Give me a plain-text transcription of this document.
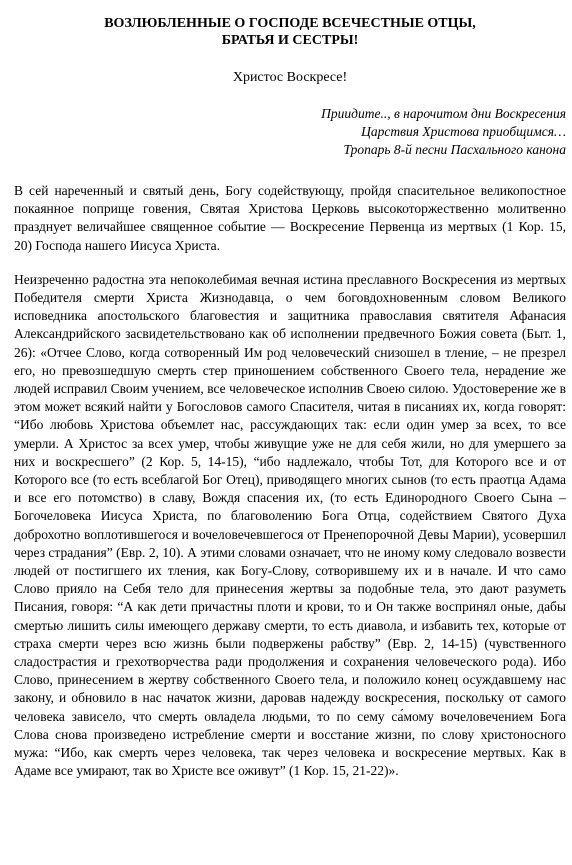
ВОЗЛЮБЛЕННЫЕ О ГОСПОДЕ ВСЕЧЕСТНЫЕ ОТЦЫ,
БРАТЬЯ И СЕСТРЫ!

Христос Воскресе!

Приидите.., в нарочитом дни Воскресения
Царствия Христова приобщимся…
Тропарь 8-й песни Пасхального канона

В сей нареченный и святый день, Богу содействующу, пройдя спасительное великопостное покаянное поприще говения, Святая Христова Церковь высокоторжественно молитвенно празднует величайшее священное событие — Воскресение Первенца из мертвых (1 Кор. 15, 20) Господа нашего Иисуса Христа.

Неизреченно радостна эта непоколебимая вечная истина преславного Воскресения из мертвых Победителя смерти Христа Жизнодавца, о чем боговдохновенным словом Великого исповедника апостольского благовестия и защитника православия святителя Афанасия Александрийского засвидетельствовано как об исполнении предвечного Божия совета (Быт. 1, 26): «Отчее Слово, когда сотворенный Им род человеческий снизошел в тление, – не презрел его, но превозшедшую смерть стер приношением собственного Своего тела, нерадение же людей исправил Своим учением, все человеческое исполнив Своею силою. Удостоверение же в этом может всякий найти у Богословов самого Спасителя, читая в писаниях их, когда говорят: “Ибо любовь Христова объемлет нас, рассуждающих так: если один умер за всех, то все умерли. А Христос за всех умер, чтобы живущие уже не для себя жили, но для умершего за них и воскресшего” (2 Кор. 5, 14-15), “ибо надлежало, чтобы Тот, для Которого все и от Которого все (то есть всеблагой Бог Отец), приводящего многих сынов (то есть праотца Адама и все его потомство) в славу, Вождя спасения их, (то есть Единородного Своего Сына – Богочеловека Иисуса Христа, по благоволению Бога Отца, содействием Святого Духа доброхотно воплотившегося и вочеловечевшегося от Пренепорочной Девы Марии), усовершил через страдания” (Евр. 2, 10). А этими словами означает, что не иному кому следовало возвести людей от постигшего их тления, как Богу-Слову, сотворившему их и в начале. И что само Слово прияло на Себя тело для принесения жертвы за подобные тела, это дают разуметь Писания, говоря: “А как дети причастны плоти и крови, то и Он также воспринял оные, дабы смертью лишить силы имеющего державу смерти, то есть диавола, и избавить тех, которые от страха смерти через всю жизнь были подвержены рабству” (Евр. 2, 14-15) (чувственного сладострастия и грехотворчества ради продолжения и сохранения человеческого рода). Ибо Слово, принесением в жертву собственного Своего тела, и положило конец осуждавшему нас закону, и обновило в нас начаток жизни, даровав надежду воскресения, поскольку от самого человека зависело, что смерть овладела людьми, то по сему са́мому вочеловечением Бога Слова снова произведено истребление смерти и восстание жизни, по слову христоносного мужа: “Ибо, как смерть через человека, так через человека и воскресение мертвых. Как в Адаме все умирают, так во Христе все оживут” (1 Кор. 15, 21-22)».
